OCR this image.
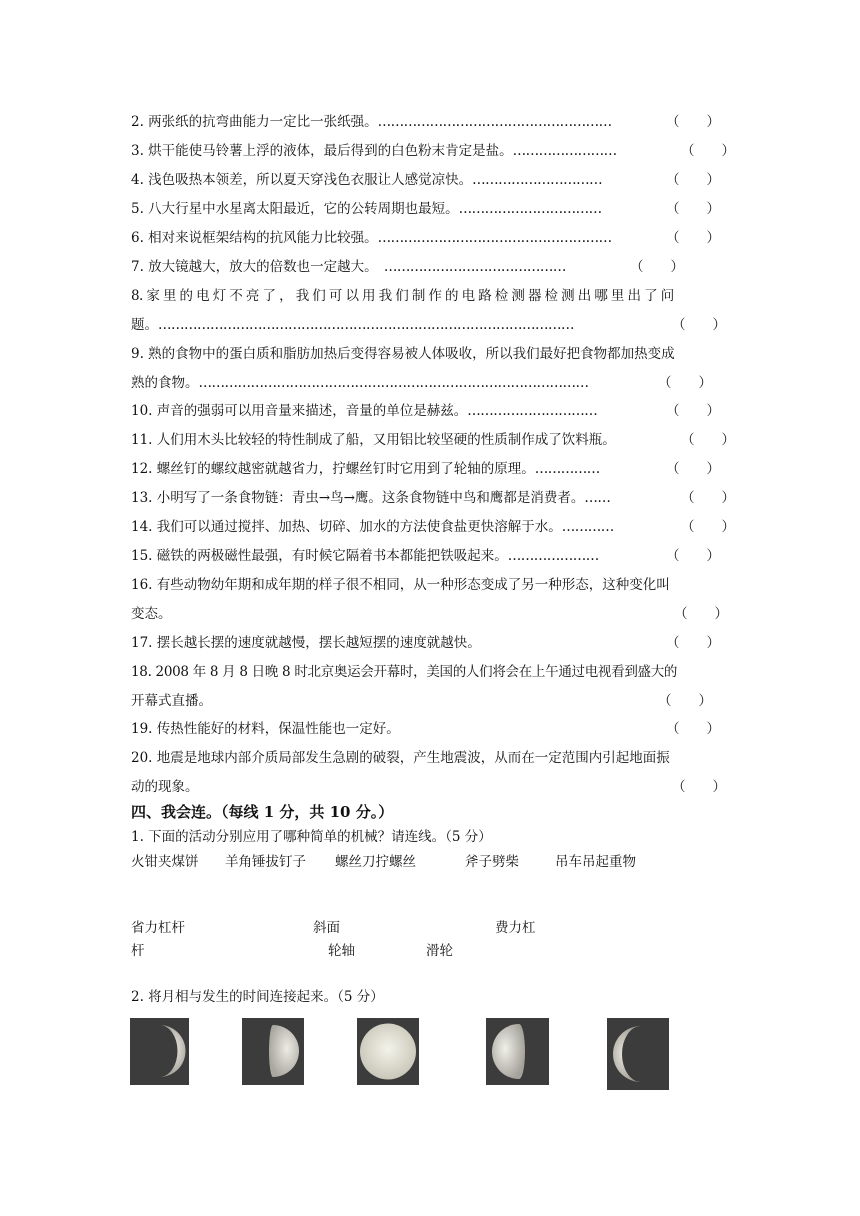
2. 两张纸的抗弯曲能力一定比一张纸强。………………………………………………	（　　）
3. 烘干能使马铃薯上浮的液体，最后得到的白色粉末肯定是盐。……………………	（　　）
4. 浅色吸热本领差，所以夏天穿浅色衣服让人感觉凉快。…………………………	（　　）
5. 八大行星中水星离太阳最近，它的公转周期也最短。……………………………	（　　）
6. 相对来说框架结构的抗风能力比较强。………………………………………………	（　　）
7. 放大镜越大，放大的倍数也一定越大。　……………………………………	（　　）
8. 家 里 的 电 灯 不 亮 了 ， 我 们 可 以 用 我 们 制 作 的 电 路 检 测 器 检 测 出 哪 里 出 了 问
题。……………………………………………………………………………………	（　　）
9. 熟的食物中的蛋白质和脂肪加热后变得容易被人体吸收，所以我们最好把食物都加热变成
熟的食物。………………………………………………………………………………	（　　）
10. 声音的强弱可以用音量来描述，音量的单位是赫兹。…………………………	（　　）
11. 人们用木头比较轻的特性制成了船，又用铝比较坚硬的性质制作成了饮料瓶。	（　　）
12. 螺丝钉的螺纹越密就越省力，拧螺丝钉时它用到了轮轴的原理。……………	（　　）
13. 小明写了一条食物链：青虫→鸟→鹰。这条食物链中鸟和鹰都是消费者。……	（　　）
14. 我们可以通过搅拌、加热、切碎、加水的方法使食盐更快溶解于水。…………	（　　）
15. 磁铁的两极磁性最强，有时候它隔着书本都能把铁吸起来。…………………	（　　）
16. 有些动物幼年期和成年期的样子很不相同，从一种形态变成了另一种形态，这种变化叫
变态。	（　　）
17. 摆长越长摆的速度就越慢，摆长越短摆的速度就越快。	（　　）
18. 2008 年 8 月 8 日晚 8 时北京奥运会开幕时，美国的人们将会在上午通过电视看到盛大的
开幕式直播。	（　　）
19. 传热性能好的材料，保温性能也一定好。	（　　）
20. 地震是地球内部介质局部发生急剧的破裂，产生地震波，从而在一定范围内引起地面振
动的现象。	（　　）
四、我会连。（每线 1 分，共 10 分。）
1. 下面的活动分别应用了哪种简单的机械？请连线。（5 分）
火钳夹煤饼 羊角锤拔钉子 螺丝刀拧螺丝	斧子劈柴	吊车吊起重物
省力杠杆	斜面	费力杠
杆	轮轴	滑轮
2. 将月相与发生的时间连接起来。（5 分）
